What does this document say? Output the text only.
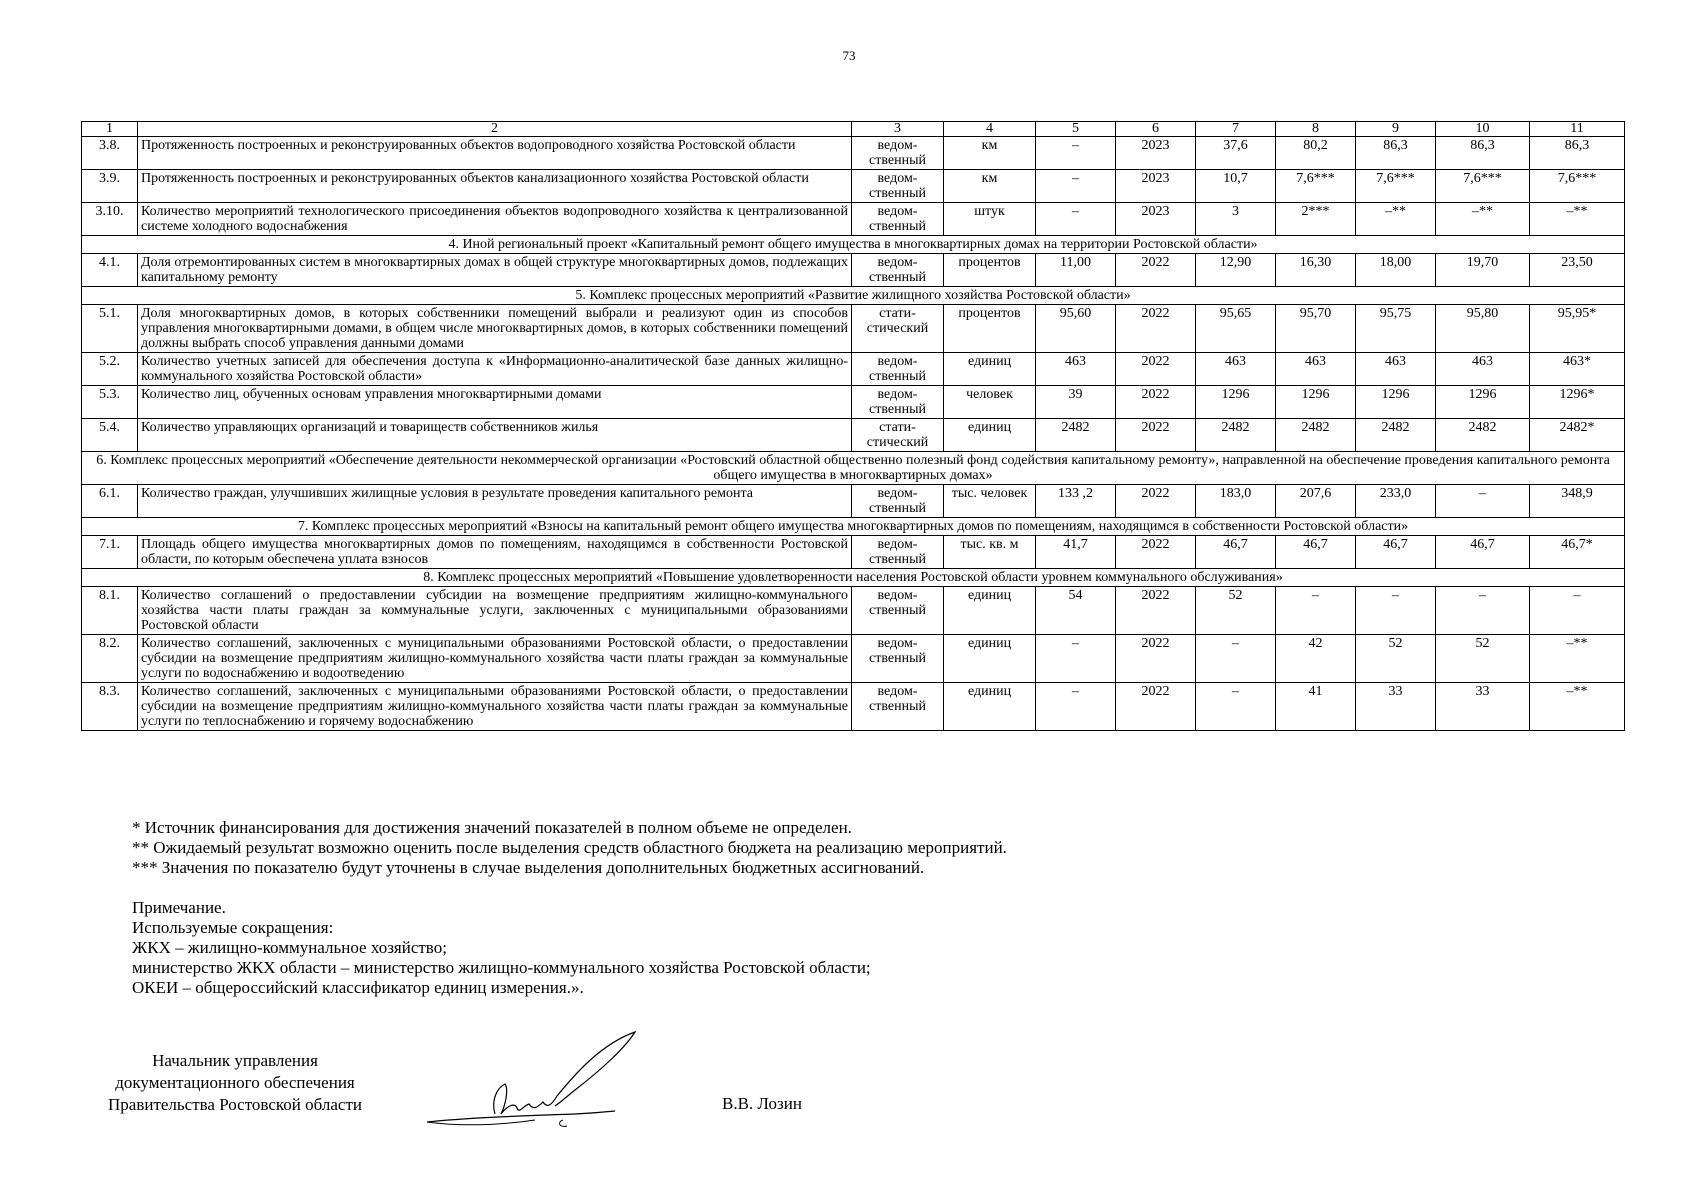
73
1	2	3	4	5	6	7	8	9	10	11
3.8.	Протяженность построенных и реконструированных объектов водопроводного хозяйства Ростовской области	ведом-ственный	км	–	2023	37,6	80,2	86,3	86,3	86,3
3.9.	Протяженность построенных и реконструированных объектов канализационного хозяйства Ростовской области	ведом-ственный	км	–	2023	10,7	7,6***	7,6***	7,6***	7,6***
3.10.	Количество мероприятий технологического присоединения объектов водопроводного хозяйства к централизованной системе холодного водоснабжения	ведом-ственный	штук	–	2023	3	2***	–**	–**	–**
4. Иной региональный проект «Капитальный ремонт общего имущества в многоквартирных домах на территории Ростовской области»										
4.1.	Доля отремонтированных систем в многоквартирных домах в общей структуре многоквартирных домов, подлежащих капитальному ремонту	ведом-ственный	процентов	11,00	2022	12,90	16,30	18,00	19,70	23,50
5. Комплекс процессных мероприятий «Развитие жилищного хозяйства Ростовской области»										
5.1.	Доля многоквартирных домов, в которых собственники помещений выбрали и реализуют один из способов управления многоквартирными домами, в общем числе многоквартирных домов, в которых собственники помещений должны выбрать способ управления данными домами	стати-стический	процентов	95,60	2022	95,65	95,70	95,75	95,80	95,95*
5.2.	Количество учетных записей для обеспечения доступа к «Информационно-аналитической базе данных жилищно-коммунального хозяйства Ростовской области»	ведом-ственный	единиц	463	2022	463	463	463	463	463*
5.3.	Количество лиц, обученных основам управления многоквартирными домами	ведом-ственный	человек	39	2022	1296	1296	1296	1296	1296*
5.4.	Количество управляющих организаций и товариществ собственников жилья	стати-стический	единиц	2482	2022	2482	2482	2482	2482	2482*
6. Комплекс процессных мероприятий «Обеспечение деятельности некоммерческой организации «Ростовский областной общественно полезный фонд содействия капитальному ремонту», направленной на обеспечение проведения капитального ремонта общего имущества в многоквартирных домах»										
6.1.	Количество граждан, улучшивших жилищные условия в результате проведения капитального ремонта	ведом-ственный	тыс. человек	133 ,2	2022	183,0	207,6	233,0	–	348,9
7. Комплекс процессных мероприятий «Взносы на капитальный ремонт общего имущества многоквартирных домов по помещениям, находящимся в собственности Ростовской области»										
7.1.	Площадь общего имущества многоквартирных домов по помещениям, находящимся в собственности Ростовской области, по которым обеспечена уплата взносов	ведом-ственный	тыс. кв. м	41,7	2022	46,7	46,7	46,7	46,7	46,7*
8. Комплекс процессных мероприятий «Повышение удовлетворенности населения Ростовской области уровнем коммунального обслуживания»										
8.1.	Количество соглашений о предоставлении субсидии на возмещение предприятиям жилищно-коммунального хозяйства части платы граждан за коммунальные услуги, заключенных с муниципальными образованиями Ростовской области	ведом-ственный	единиц	54	2022	52	–	–	–	–
8.2.	Количество соглашений, заключенных с муниципальными образованиями Ростовской области, о предоставлении субсидии на возмещение предприятиям жилищно-коммунального хозяйства части платы граждан за коммунальные услуги по водоснабжению и водоотведению	ведом-ственный	единиц	–	2022	–	42	52	52	–**
8.3.	Количество соглашений, заключенных с муниципальными образованиями Ростовской области, о предоставлении субсидии на возмещение предприятиям жилищно-коммунального хозяйства части платы граждан за коммунальные услуги по теплоснабжению и горячему водоснабжению	ведом-ственный	единиц	–	2022	–	41	33	33	–**
* Источник финансирования для достижения значений показателей в полном объеме не определен.
** Ожидаемый результат возможно оценить после выделения средств областного бюджета на реализацию мероприятий.
*** Значения по показателю будут уточнены в случае выделения дополнительных бюджетных ассигнований.
Примечание.
Используемые сокращения:
ЖКХ – жилищно-коммунальное хозяйство;
министерство ЖКХ области – министерство жилищно-коммунального хозяйства Ростовской области;
ОКЕИ – общероссийский классификатор единиц измерения.».
Начальник управления
документационного обеспечения
Правительства Ростовской области	В.В. Лозин
